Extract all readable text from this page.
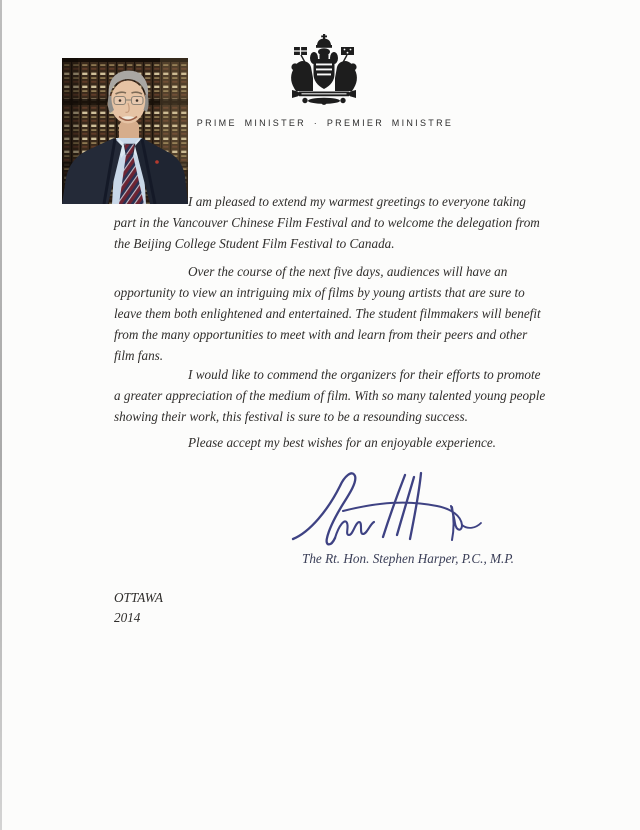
PRIME MINISTER · PREMIER MINISTRE
I am pleased to extend my warmest greetings to everyone taking
part in the Vancouver Chinese Film Festival and to welcome the delegation from
the Beijing College Student Film Festival to Canada.
Over the course of the next five days, audiences will have an
opportunity to view an intriguing mix of films by young artists that are sure to
leave them both enlightened and entertained. The student filmmakers will benefit
from the many opportunities to meet with and learn from their peers and other
film fans.
I would like to commend the organizers for their efforts to promote
a greater appreciation of the medium of film. With so many talented young people
showing their work, this festival is sure to be a resounding success.
Please accept my best wishes for an enjoyable experience.
The Rt. Hon. Stephen Harper, P.C., M.P.
OTTAWA
2014
